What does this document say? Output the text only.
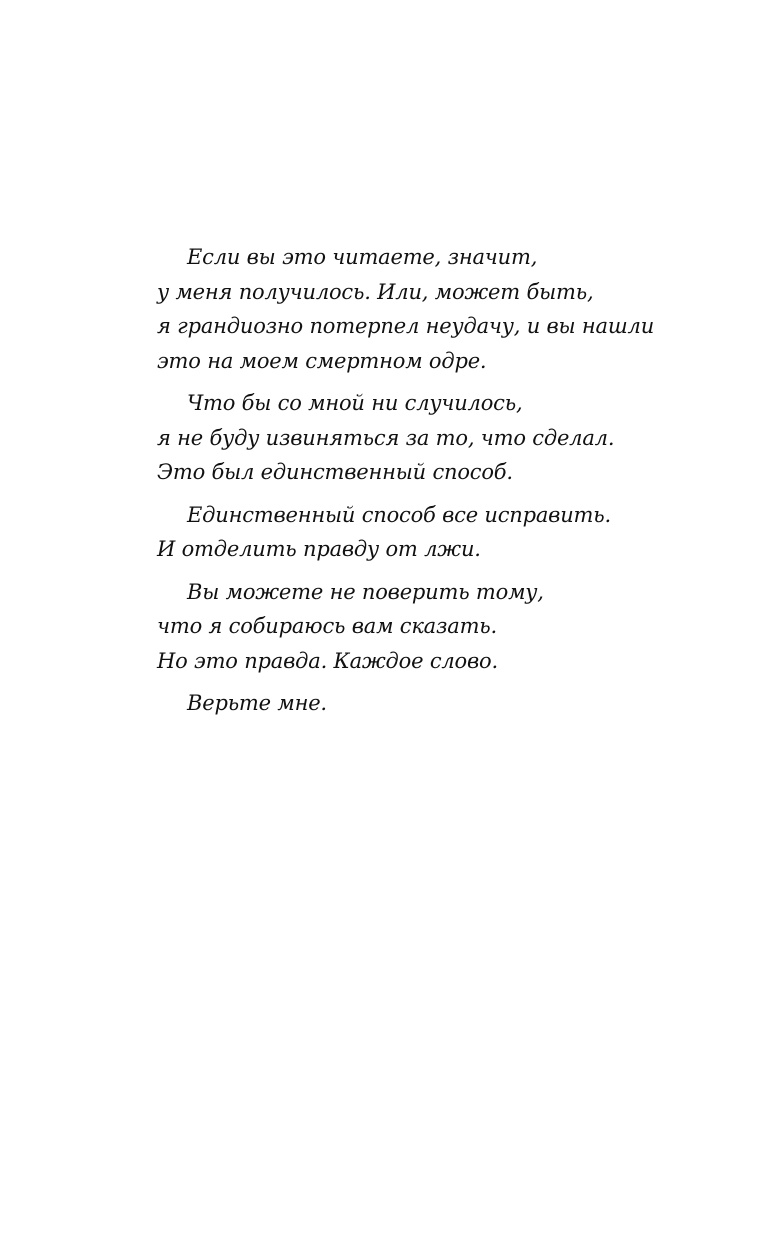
Если вы это читаете, значит,
у меня получилось. Или, может быть,
я грандиозно потерпел неудачу, и вы нашли
это на моем смертном одре.

Что бы со мной ни случилось,
я не буду извиняться за то, что сделал.
Это был единственный способ.

Единственный способ все исправить.
И отделить правду от лжи.

Вы можете не поверить тому,
что я собираюсь вам сказать.
Но это правда. Каждое слово.

Верьте мне.
